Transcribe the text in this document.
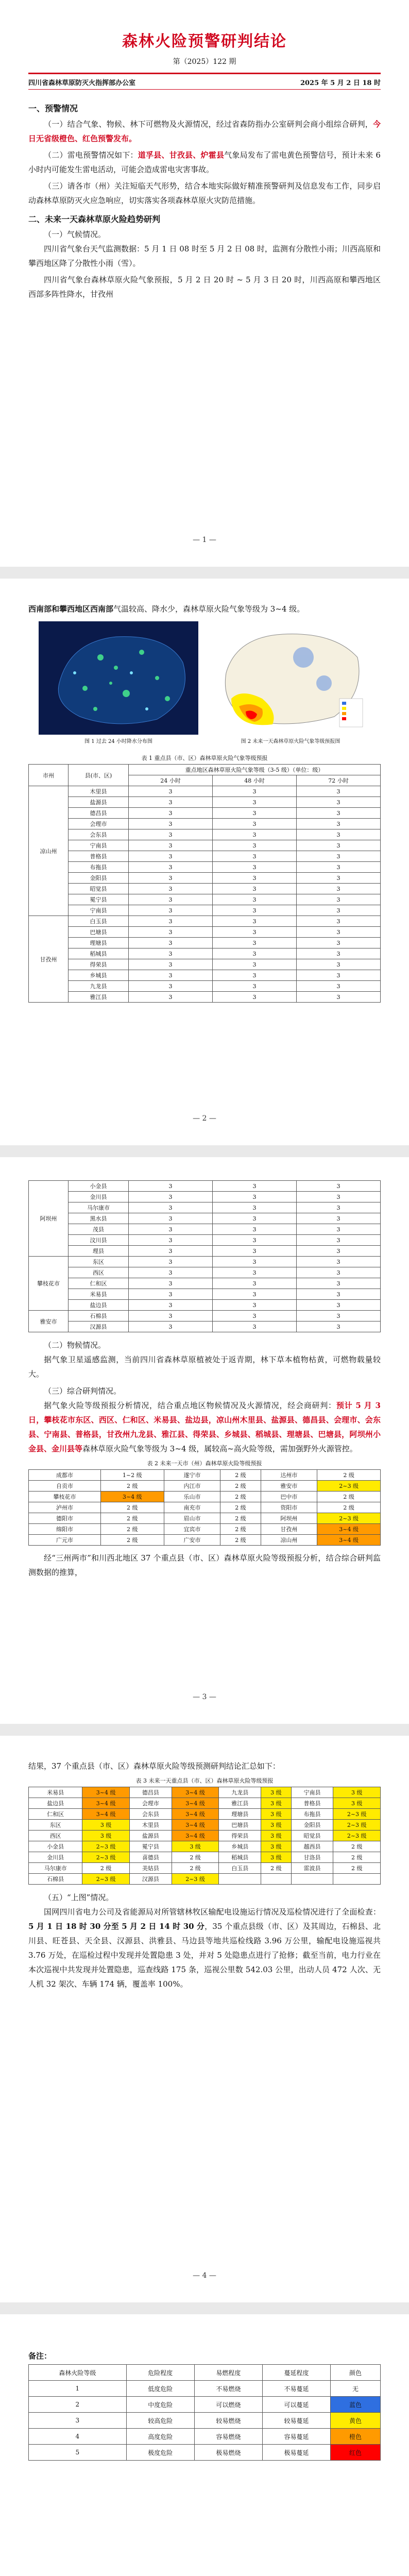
森林火险预警研判结论
第（2025）122 期
四川省森林草原防灭火指挥部办公室	2025 年 5 月 2 日 18 时
一、预警情况

（一）结合气象、物候、林下可燃物及火源情况，经过省森防指办公室研判会商小组综合研判，今日无省级橙色、红色预警发布。

（二）雷电预警情况如下：道孚县、甘孜县、炉霍县气象局发布了雷电黄色预警信号，预计未来 6 小时内可能发生雷电活动，可能会造成雷电灾害事故。

（三）请各市（州）关注短临天气形势，结合本地实际做好精准预警研判及信息发布工作，同步启动森林草原防灭火应急响应，切实落实各项森林草原火灾防范措施。

二、未来一天森林草原火险趋势研判
（一）气候情况。

四川省气象台天气监测数据：5 月 1 日 08 时至 5 月 2 日 08 时，监测有分散性小雨；川西高原和攀西地区降了分散性小雨（雪）。

四川省气象台森林草原火险气象预报，5 月 2 日 20 时 ~ 5 月 3 日 20 时，川西高原和攀西地区西部多阵性降水，甘孜州

— 1 —

西南部和攀西地区西南部气温较高、降水少，森林草原火险气象等级为 3~4 级。

图 1 过去 24 小时降水分布图	图 2 未来一天森林草原火险气象等级预报图
表 1 重点县（市、区）森林草原火险气象等级预报
市州	县(市、区)	重点地区森林草原火险气象等级（3-5 级）（单位：级）		
		24 小时	48 小时	72 小时
凉山州	木里县	3	3	3
	盐源县	3	3	3
	德昌县	3	3	3
	会理市	3	3	3
	会东县	3	3	3
	宁南县	3	3	3
	普格县	3	3	3
	布拖县	3	3	3
	金阳县	3	3	3
	昭觉县	3	3	3
	冕宁县	3	3	3
	宁南县	3	3	3
甘孜州	白玉县	3	3	3
	巴塘县	3	3	3
	理塘县	3	3	3
	稻城县	3	3	3
	得荣县	3	3	3
	乡城县	3	3	3
	九龙县	3	3	3
	雅江县	3	3	3
— 2 —
阿坝州	小金县	3	3	3
	金川县	3	3	3
	马尔康市	3	3	3
	黑水县	3	3	3
	茂县	3	3	3
	汶川县	3	3	3
	理县	3	3	3
攀枝花市	东区	3	3	3
	西区	3	3	3
	仁和区	3	3	3
	米易县	3	3	3
	盐边县	3	3	3
雅安市	石棉县	3	3	3
	汉源县	3	3	3
（二）物候情况。

据气象卫星遥感监测，当前四川省森林草原植被处于返青期，林下草本植物枯黄，可燃物载量较大。

（三）综合研判情况。

据气象火险等级预报分析情况，结合重点地区物候情况及火源情况，经会商研判：预计 5 月 3 日，攀枝花市东区、西区、仁和区、米易县、盐边县，凉山州木里县、盐源县、德昌县、会理市、会东县、宁南县、普格县，甘孜州九龙县、雅江县、得荣县、乡城县、稻城县、理塘县、巴塘县，阿坝州小金县、金川县等森林草原火险气象等级为 3~4 级，属较高~高火险等级，需加强野外火源管控。

表 2 未来一天市（州）森林草原火险等级预报
成都市	1~2 级	遂宁市	2 级	达州市	2 级
自贡市	2 级	内江市	2 级	雅安市	2~3 级
攀枝花市	3~4 级	乐山市	2 级	巴中市	2 级
泸州市	2 级	南充市	2 级	资阳市	2 级
德阳市	2 级	眉山市	2 级	阿坝州	2~3 级
绵阳市	2 级	宜宾市	2 级	甘孜州	3~4 级
广元市	2 级	广安市	2 级	凉山州	3~4 级

经“三州两市”和川西北地区 37 个重点县（市、区）森林草原火险等级预报分析，结合综合研判监测数据的推算，

— 3 —

结果，37 个重点县（市、区）森林草原火险等级预测研判结论汇总如下：

表 3 未来一天重点县（市、区）森林草原火险等级预报
米易县	3~4 级	德昌县	3~4 级	九龙县	3 级	宁南县	3 级
盐边县	3~4 级	会理市	3~4 级	雅江县	3 级	普格县	3 级
仁和区	3~4 级	会东县	3~4 级	理塘县	3 级	布拖县	2~3 级
东区	3 级	木里县	3~4 级	巴塘县	3 级	金阳县	2~3 级
西区	3 级	盐源县	3~4 级	得荣县	3 级	昭觉县	2~3 级
小金县	2~3 级	冕宁县	3 级	乡城县	3 级	越西县	2 级
金川县	2~3 级	喜德县	2 级	稻城县	3 级	甘洛县	2 级
马尔康市	2 级	美姑县	2 级	白玉县	2 级	雷波县	2 级
石棉县	2~3 级	汉源县	2~3 级				
（五）“上图”情况。

国网四川省电力公司及省能源局对所管辖林牧区输配电设施运行情况及巡检情况进行了全面检查：5 月 1 日 18 时 30 分至 5 月 2 日 14 时 30 分，35 个重点县级（市、区）及其周边，石棉县、北川县、旺苍县、天全县、汉源县、洪雅县、马边县等地共巡检线路 3.96 万公里，输配电设施巡视共 3.76 万处，在巡检过程中发现并处置隐患 3 处，并对 5 处隐患点进行了抢修；截至当前，电力行业在本次巡视中共发现并处置隐患，巡查线路 175 条，巡视公里数 542.03 公里，出动人员 472 人次、无人机 32 架次、车辆 174 辆，覆盖率 100%。

— 4 —
备注：
森林火险等级	危险程度	易燃程度	蔓延程度	颜色
1	低度危险	不易燃烧	不易蔓延	无
2	中度危险	可以燃烧	可以蔓延	蓝色
3	较高危险	较易燃烧	较易蔓延	黄色
4	高度危险	容易燃烧	容易蔓延	橙色
5	极度危险	极易燃烧	极易蔓延	红色
